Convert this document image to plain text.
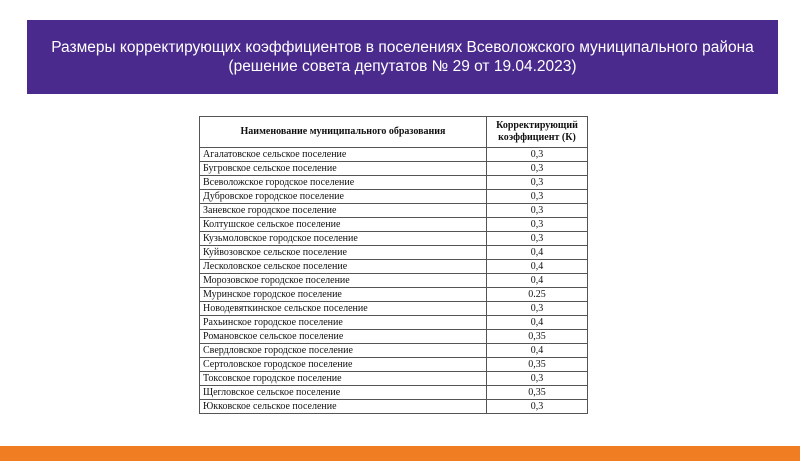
Размеры корректирующих коэффициентов в поселениях Всеволожского муниципального района
(решение совета депутатов № 29 от 19.04.2023)
Наименование муниципального образования	Корректирующий
коэффициент (К)

Агалатовское сельское поселение	0,3
Бугровское сельское поселение	0,3
Всеволожское городское поселение	0,3
Дубровское городское поселение	0,3
Заневское городское поселение	0,3
Колтушское сельское поселение	0,3
Кузьмоловское городское поселение	0,3
Куйвозовское сельское поселение	0,4
Лесколовское сельское поселение	0,4
Морозовское городское поселение	0,4
Муринское городское поселение	0.25
Новодевяткинское сельское поселение	0,3
Рахьинское городское поселение	0,4
Романовское сельское поселение	0,35
Свердловское городское поселение	0,4
Сертоловское городское поселение	0,35
Токсовское городское поселение	0,3
Щегловское сельское поселение	0,35
Юкковское сельское поселение	0,3
